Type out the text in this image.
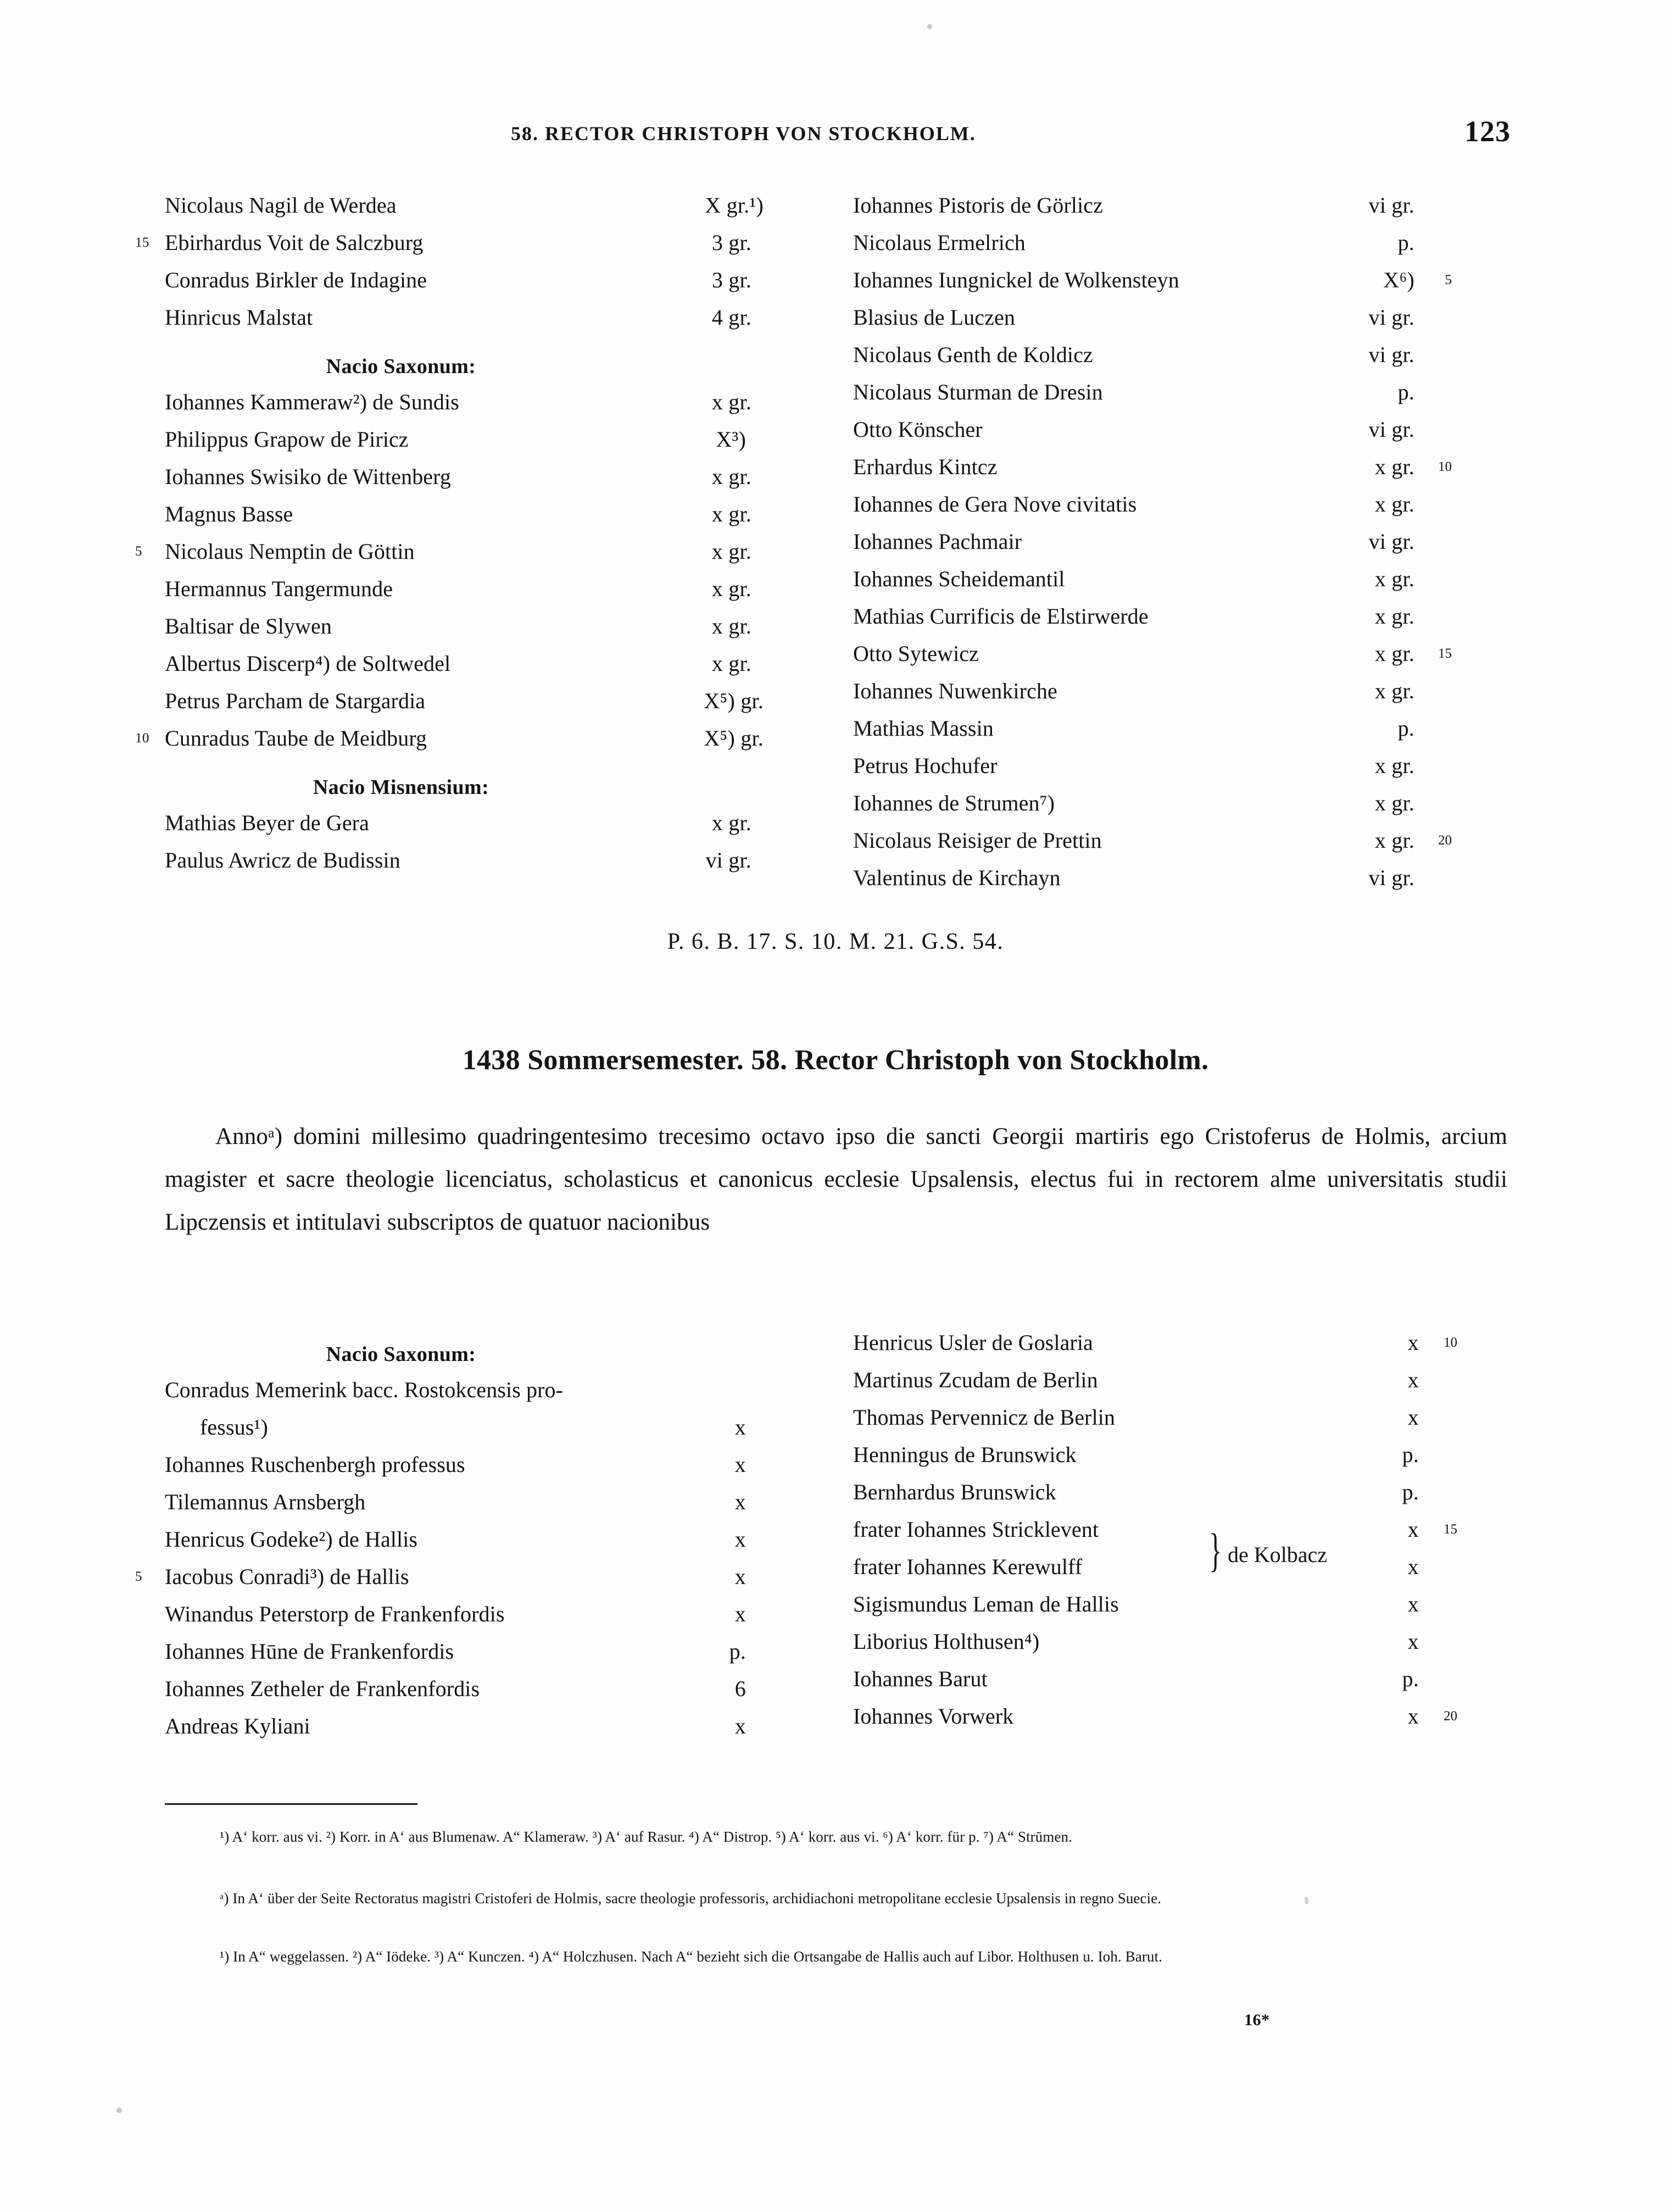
58. RECTOR CHRISTOPH VON STOCKHOLM.	123
Nicolaus Nagil de Werdea	X gr.¹)
15 Ebirhardus Voit de Salczburg	3 gr.
Conradus Birkler de Indagine	3 gr.
Hinricus Malstat	4 gr.
Nacio Saxonum:
Iohannes Kammeraw²) de Sundis	x gr.
Philippus Grapow de Piricz	X³)
Iohannes Swisiko de Wittenberg	x gr.
Magnus Basse	x gr.
5 Nicolaus Nemptin de Göttin	x gr.
Hermannus Tangermunde	x gr.
Baltisar de Slywen	x gr.
Albertus Discerp⁴) de Soltwedel	x gr.
Petrus Parcham de Stargardia	X⁵) gr.
10 Cunradus Taube de Meidburg	X⁵) gr.
Nacio Misnensium:
Mathias Beyer de Gera	x gr.
Paulus Awricz de Budissin	vi gr.
Iohannes Pistoris de Görlicz	vi gr.
Nicolaus Ermelrich	p.
Iohannes Iungnickel de Wolkensteyn	X⁶) 5
Blasius de Luczen	vi gr.
Nicolaus Genth de Koldicz	vi gr.
Nicolaus Sturman de Dresin	p.
Otto Könscher	vi gr.
Erhardus Kintcz	x gr. 10
Iohannes de Gera Nove civitatis	x gr.
Iohannes Pachmair	vi gr.
Iohannes Scheidemantil	x gr.
Mathias Currificis de Elstirwerde	x gr.
Otto Sytewicz	x gr. 15
Iohannes Nuwenkirche	x gr.
Mathias Massin	p.
Petrus Hochufer	x gr.
Iohannes de Strumen⁷)	x gr.
Nicolaus Reisiger de Prettin	x gr. 20
Valentinus de Kirchayn	vi gr.
P. 6. B. 17. S. 10. M. 21. G.S. 54.
1438 Sommersemester. 58. Rector Christoph von Stockholm.
Annoᵃ) domini millesimo quadringentesimo trecesimo octavo ipso die sancti Georgii martiris ego Cristoferus de Holmis, arcium magister et sacre theologie licenciatus, scholasticus et canonicus ecclesie Upsalensis, electus fui in rectorem alme universitatis studii Lipczensis et intitulavi subscriptos de quatuor nacionibus
Nacio Saxonum:
Conradus Memerink bacc. Rostokcensis pro-
fessus¹)	x
Iohannes Ruschenbergh professus	x
Tilemannus Arnsbergh	x
Henricus Godeke²) de Hallis	x
5 Iacobus Conradi³) de Hallis	x
Winandus Peterstorp de Frankenfordis	x
Iohannes Hūne de Frankenfordis	p.
Iohannes Zetheler de Frankenfordis	6
Andreas Kyliani	x
Henricus Usler de Goslaria	x 10
Martinus Zcudam de Berlin	x
Thomas Pervennicz de Berlin	x
Henningus de Brunswick	p.
Bernhardus Brunswick	p.
frater Iohannes Stricklevent	x 15
frater Iohannes Kerewulff	x
Sigismundus Leman de Hallis	x
Liborius Holthusen⁴)	x
Iohannes Barut	p.
Iohannes Vorwerk	x 20
} de Kolbacz
¹) A‘ korr. aus vi. ²) Korr. in A‘ aus Blumenaw. A“ Klameraw. ³) A‘ auf Rasur. ⁴) A“ Distrop. ⁵) A‘ korr. aus vi. ⁶) A‘ korr. für p. ⁷) A“ Strūmen.
ᵃ) In A‘ über der Seite Rectoratus magistri Cristoferi de Holmis, sacre theologie professoris, archidiachoni metropolitane ecclesie Upsalensis in regno Suecie.
¹) In A“ weggelassen. ²) A“ Iödeke. ³) A“ Kunczen. ⁴) A“ Holczhusen. Nach A“ bezieht sich die Ortsangabe de Hallis auch auf Libor. Holthusen u. Ioh. Barut.
16*
